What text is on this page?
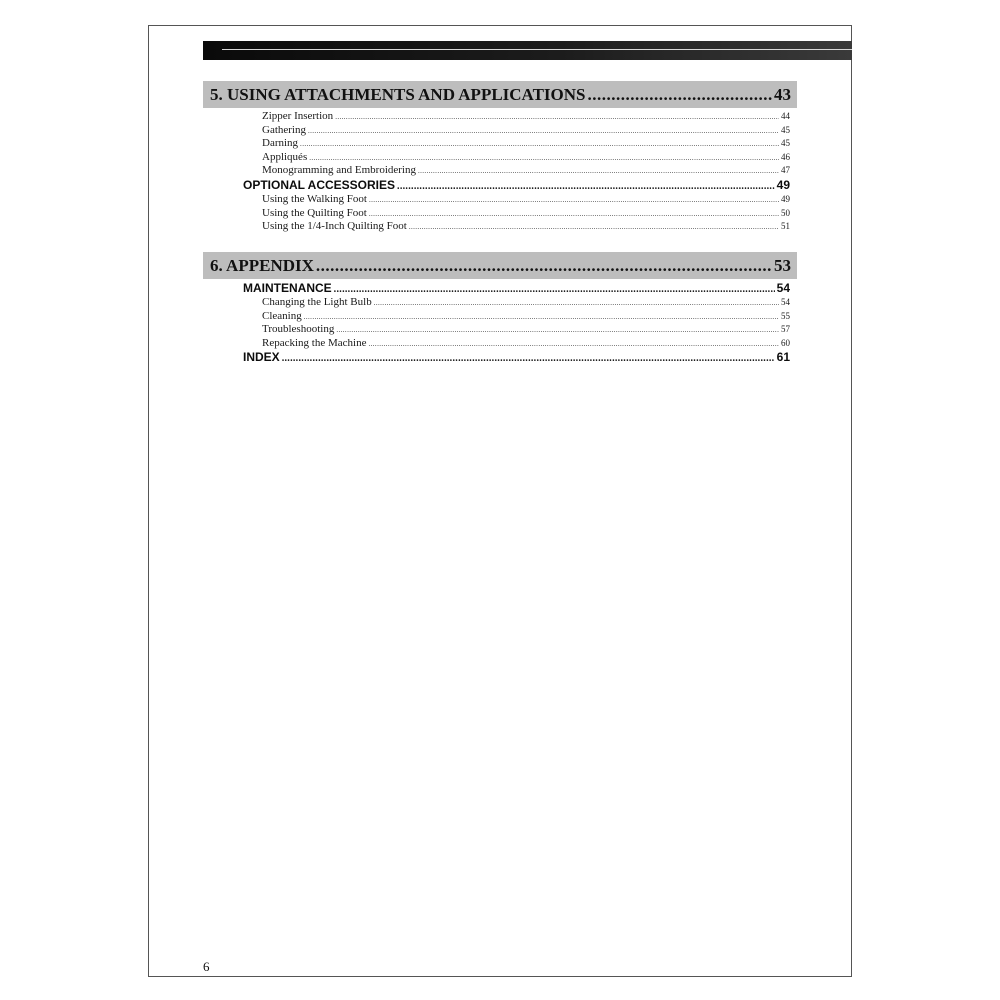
5. USING ATTACHMENTS AND APPLICATIONS .....	43
Zipper Insertion .....	44
Gathering .....	45
Darning .....	45
Appliqués .....	46
Monogramming and Embroidering .....	47
OPTIONAL ACCESSORIES .....	49
Using the Walking Foot .....	49
Using the Quilting Foot .....	50
Using the 1/4-Inch Quilting Foot .....	51
6. APPENDIX .....	53
MAINTENANCE .....	54
Changing the Light Bulb .....	54
Cleaning .....	55
Troubleshooting .....	57
Repacking the Machine .....	60
INDEX .....	61
6
